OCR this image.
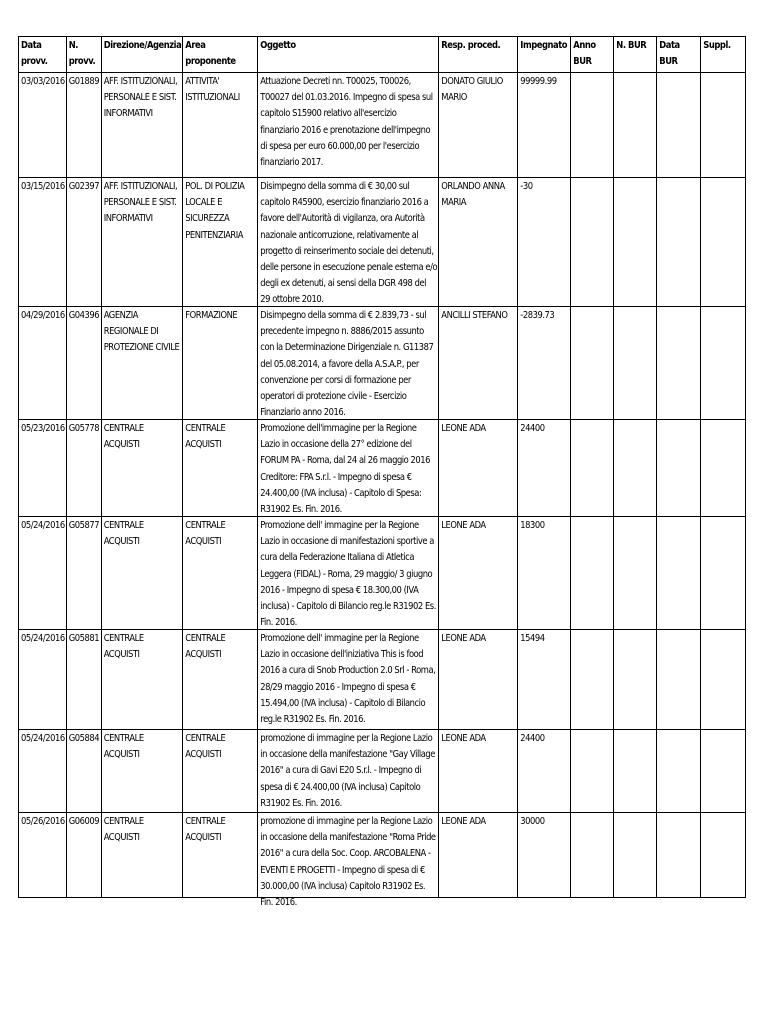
Data provv.	N. provv.	Direzione/Agenzia	Area proponente	Oggetto	Resp. proced.	Impegnato	Anno BUR	N. BUR	Data BUR	Suppl.

03/03/2016	G01889	AFF. ISTITUZIONALI, PERSONALE E SIST. INFORMATIVI	ATTIVITA' ISTITUZIONALI	Attuazione Decreti nn. T00025, T00026, T00027 del 01.03.2016. Impegno di spesa sul capitolo S15900 relativo all'esercizio finanziario 2016 e prenotazione dell'impegno di spesa per euro 60.000,00 per l'esercizio finanziario 2017.	DONATO GIULIO MARIO	99999.99				

03/15/2016	G02397	AFF. ISTITUZIONALI, PERSONALE E SIST. INFORMATIVI	POL. DI POLIZIA LOCALE E SICUREZZA PENITENZIARIA	Disimpegno della somma di € 30,00 sul capitolo R45900, esercizio finanziario 2016 a favore dell'Autorità di vigilanza, ora Autorità nazionale anticorruzione, relativamente al progetto di reinserimento sociale dei detenuti, delle persone in esecuzione penale esterna e/o degli ex detenuti, ai sensi della DGR 498 del 29 ottobre 2010.	ORLANDO ANNA MARIA	-30				

04/29/2016	G04396	AGENZIA REGIONALE DI PROTEZIONE CIVILE	FORMAZIONE	Disimpegno della somma di € 2.839,73 - sul precedente impegno n. 8886/2015 assunto con la Determinazione Dirigenziale n. G11387 del 05.08.2014, a favore della A.S.A.P., per convenzione per corsi di formazione per operatori di protezione civile - Esercizio Finanziario anno 2016.	ANCILLI STEFANO	-2839.73				

05/23/2016	G05778	CENTRALE ACQUISTI	CENTRALE ACQUISTI	Promozione dell'immagine per la Regione Lazio in occasione della 27° edizione del FORUM PA - Roma, dal 24 al 26 maggio 2016 Creditore: FPA S.r.l. - Impegno di spesa € 24.400,00 (IVA inclusa) - Capitolo di Spesa: R31902 Es. Fin. 2016.	LEONE ADA	24400				

05/24/2016	G05877	CENTRALE ACQUISTI	CENTRALE ACQUISTI	Promozione dell' immagine per la Regione Lazio in occasione di manifestazioni sportive a cura della Federazione Italiana di Atletica Leggera (FIDAL) - Roma, 29 maggio/ 3 giugno 2016 - Impegno di spesa € 18.300,00 (IVA inclusa) - Capitolo di Bilancio reg.le R31902 Es. Fin. 2016.	LEONE ADA	18300				

05/24/2016	G05881	CENTRALE ACQUISTI	CENTRALE ACQUISTI	Promozione dell' immagine per la Regione Lazio in occasione dell'iniziativa This is food 2016 a cura di Snob Production 2.0 Srl - Roma, 28/29 maggio 2016 - Impegno di spesa € 15.494,00 (IVA inclusa) - Capitolo di Bilancio reg.le R31902 Es. Fin. 2016.	LEONE ADA	15494				

05/24/2016	G05884	CENTRALE ACQUISTI	CENTRALE ACQUISTI	promozione di immagine per la Regione Lazio in occasione della manifestazione "Gay Village 2016" a cura di Gavi E20 S.r.l. - Impegno di spesa di € 24.400,00 (IVA inclusa) Capitolo R31902 Es. Fin. 2016.	LEONE ADA	24400				

05/26/2016	G06009	CENTRALE ACQUISTI	CENTRALE ACQUISTI	promozione di immagine per la Regione Lazio in occasione della manifestazione "Roma Pride 2016" a cura della Soc. Coop. ARCOBALENA - EVENTI E PROGETTI - Impegno di spesa di € 30.000,00 (IVA inclusa) Capitolo R31902 Es. Fin. 2016.	LEONE ADA	30000				
